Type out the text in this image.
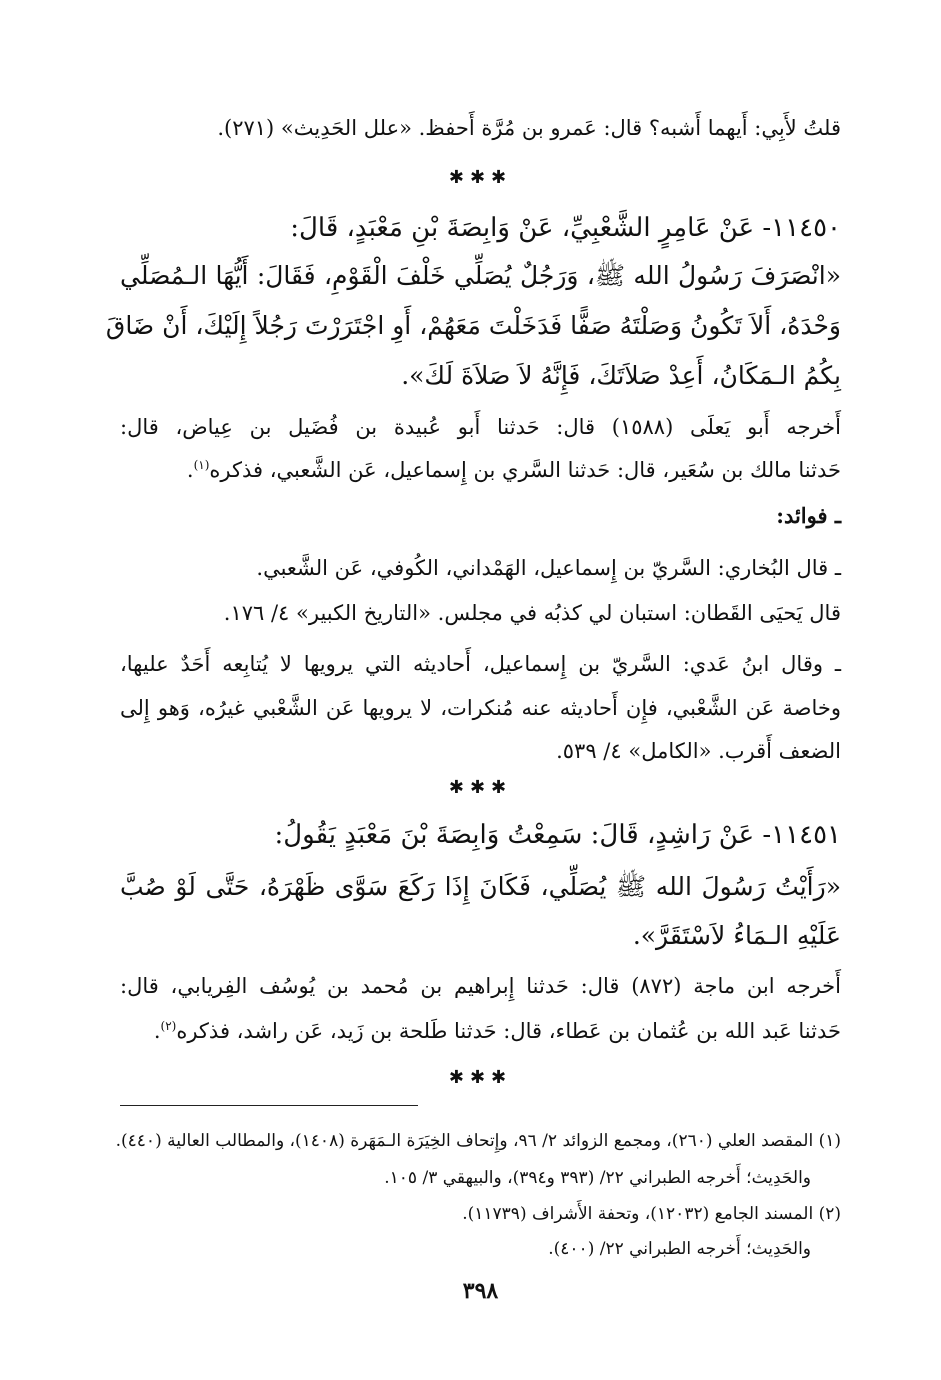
قلتُ لأَبِي: أَيهما أَشبه؟ قال: عَمرو بن مُرَّة أَحفظ. «علل الحَدِيث» (٢٧١).
✱✱✱
١١٤٥٠- عَنْ عَامِرٍ الشَّعْبِيِّ، عَنْ وَابِصَةَ بْنِ مَعْبَدٍ، قَالَ:
«انْصَرَفَ رَسُولُ الله ﷺ، وَرَجُلٌ يُصَلِّي خَلْفَ الْقَوْمِ، فَقَالَ: أَيُّهَا الـمُصَلِّي
وَحْدَهُ، أَلاَ تَكُونُ وَصَلْتَهُ صَفًّا فَدَخَلْتَ مَعَهُمْ، أَوِ اجْتَرَرْتَ رَجُلاً إِلَيْكَ، أَنْ ضَاقَ
بِكُمُ الـمَكَانُ، أَعِدْ صَلاَتَكَ، فَإِنَّهُ لاَ صَلاَةَ لَكَ».
أَخرجه أَبو يَعلَى (١٥٨٨) قال: حَدثنا أَبو عُبيدة بن فُضَيل بن عِياض، قال:
حَدثنا مالك بن سُعَير، قال: حَدثنا السَّري بن إِسماعيل، عَن الشَّعبي، فذكره$^{(١)}$.
ـ فوائد:
ـ قال البُخاري: السَّريّ بن إِسماعيل، الهَمْداني، الكُوفي، عَن الشَّعبي.
قال يَحيَى القَطان: استبان لي كذبُه في مجلس. «التاريخ الكبير» ٤/ ١٧٦.
ـ وقال ابنُ عَدي: السَّريّ بن إِسماعيل، أَحاديثه التي يرويها لا يُتابِعه أَحَدٌ عليها،
وخاصة عَن الشَّعْبي، فإِن أَحاديثه عنه مُنكرات، لا يرويها عَن الشَّعْبي غيرُه، وَهو إِلى
الضعف أَقرب. «الكامل» ٤/ ٥٣٩.
✱✱✱
١١٤٥١- عَنْ رَاشِدٍ، قَالَ: سَمِعْتُ وَابِصَةَ بْنَ مَعْبَدٍ يَقُولُ:
«رَأَيْتُ رَسُولَ الله ﷺ يُصَلِّي، فَكَانَ إِذَا رَكَعَ سَوَّى ظَهْرَهُ، حَتَّى لَوْ صُبَّ
عَلَيْهِ الـمَاءُ لاَسْتَقَرَّ».
أَخرجه ابن ماجة (٨٧٢) قال: حَدثنا إِبراهيم بن مُحمد بن يُوسُف الفِريابي، قال:
حَدثنا عَبد الله بن عُثمان بن عَطاء، قال: حَدثنا طَلحة بن زَيد، عَن راشد، فذكره$^{(٢)}$.
✱✱✱
(١) المقصد العلي (٢٦٠)، ومجمع الزوائد ٢/ ٩٦، وإِتحاف الخِيَرَة الـمَهَرة (١٤٠٨)، والمطالب العالية (٤٤٠).
والحَدِيث؛ أَخرجه الطبراني ٢٢/ (٣٩٣ و٣٩٤)، والبيهقي ٣/ ١٠٥.
(٢) المسند الجامع (١٢٠٣٢)، وتحفة الأَشراف (١١٧٣٩).
والحَدِيث؛ أَخرجه الطبراني ٢٢/ (٤٠٠).
٣٩٨
